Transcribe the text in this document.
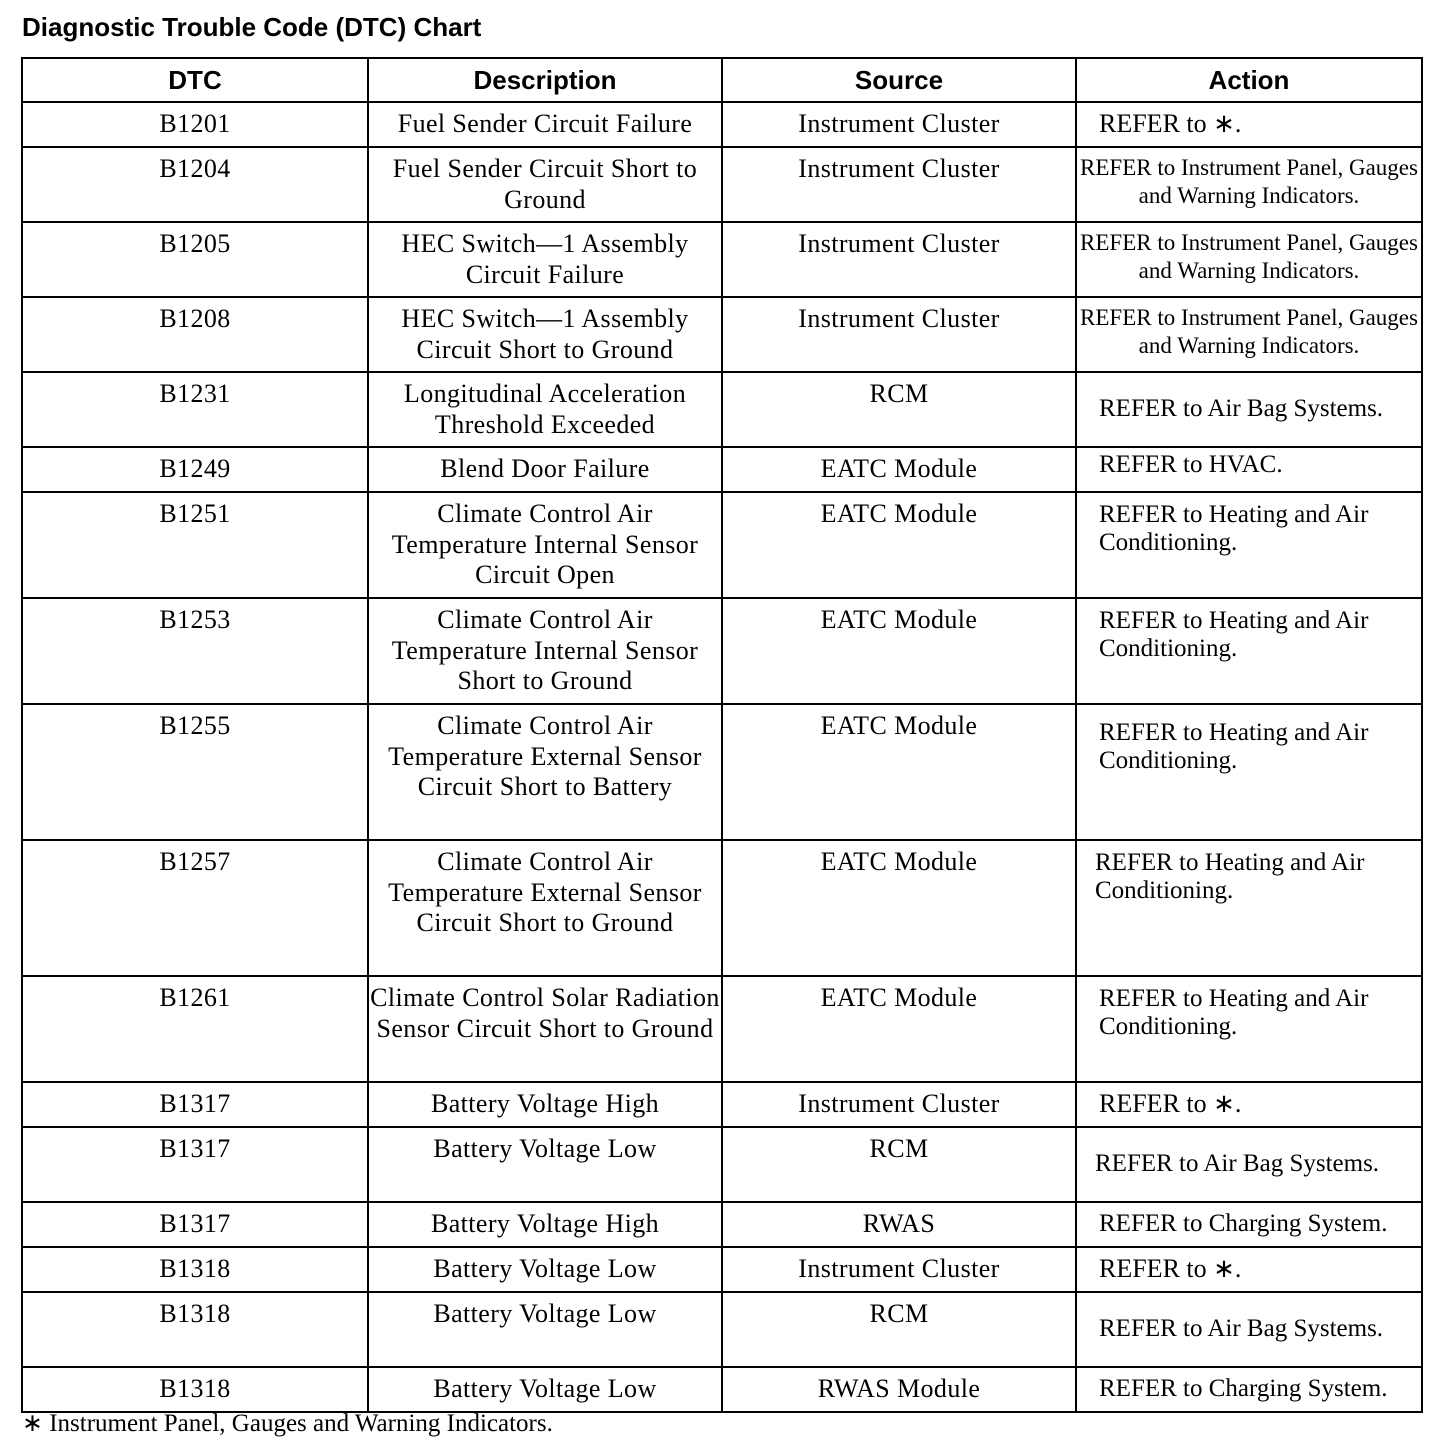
Diagnostic Trouble Code (DTC) Chart
DTC	Description	Source	Action
B1201	Fuel Sender Circuit Failure	Instrument Cluster	REFER to ∗.
B1204	Fuel Sender Circuit Short to Ground	Instrument Cluster	REFER to Instrument Panel, Gauges and Warning Indicators.
B1205	HEC Switch—1 Assembly Circuit Failure	Instrument Cluster	REFER to Instrument Panel, Gauges and Warning Indicators.
B1208	HEC Switch—1 Assembly Circuit Short to Ground	Instrument Cluster	REFER to Instrument Panel, Gauges and Warning Indicators.
B1231	Longitudinal Acceleration Threshold Exceeded	RCM	REFER to Air Bag Systems.
B1249	Blend Door Failure	EATC Module	REFER to HVAC.
B1251	Climate Control Air Temperature Internal Sensor Circuit Open	EATC Module	REFER to Heating and Air Conditioning.
B1253	Climate Control Air Temperature Internal Sensor Short to Ground	EATC Module	REFER to Heating and Air Conditioning.
B1255	Climate Control Air Temperature External Sensor Circuit Short to Battery	EATC Module	REFER to Heating and Air Conditioning.
B1257	Climate Control Air Temperature External Sensor Circuit Short to Ground	EATC Module	REFER to Heating and Air Conditioning.
B1261	Climate Control Solar Radiation Sensor Circuit Short to Ground	EATC Module	REFER to Heating and Air Conditioning.
B1317	Battery Voltage High	Instrument Cluster	REFER to ∗.
B1317	Battery Voltage Low	RCM	REFER to Air Bag Systems.
B1317	Battery Voltage High	RWAS	REFER to Charging System.
B1318	Battery Voltage Low	Instrument Cluster	REFER to ∗.
B1318	Battery Voltage Low	RCM	REFER to Air Bag Systems.
B1318	Battery Voltage Low	RWAS Module	REFER to Charging System.
∗ Instrument Panel, Gauges and Warning Indicators.
